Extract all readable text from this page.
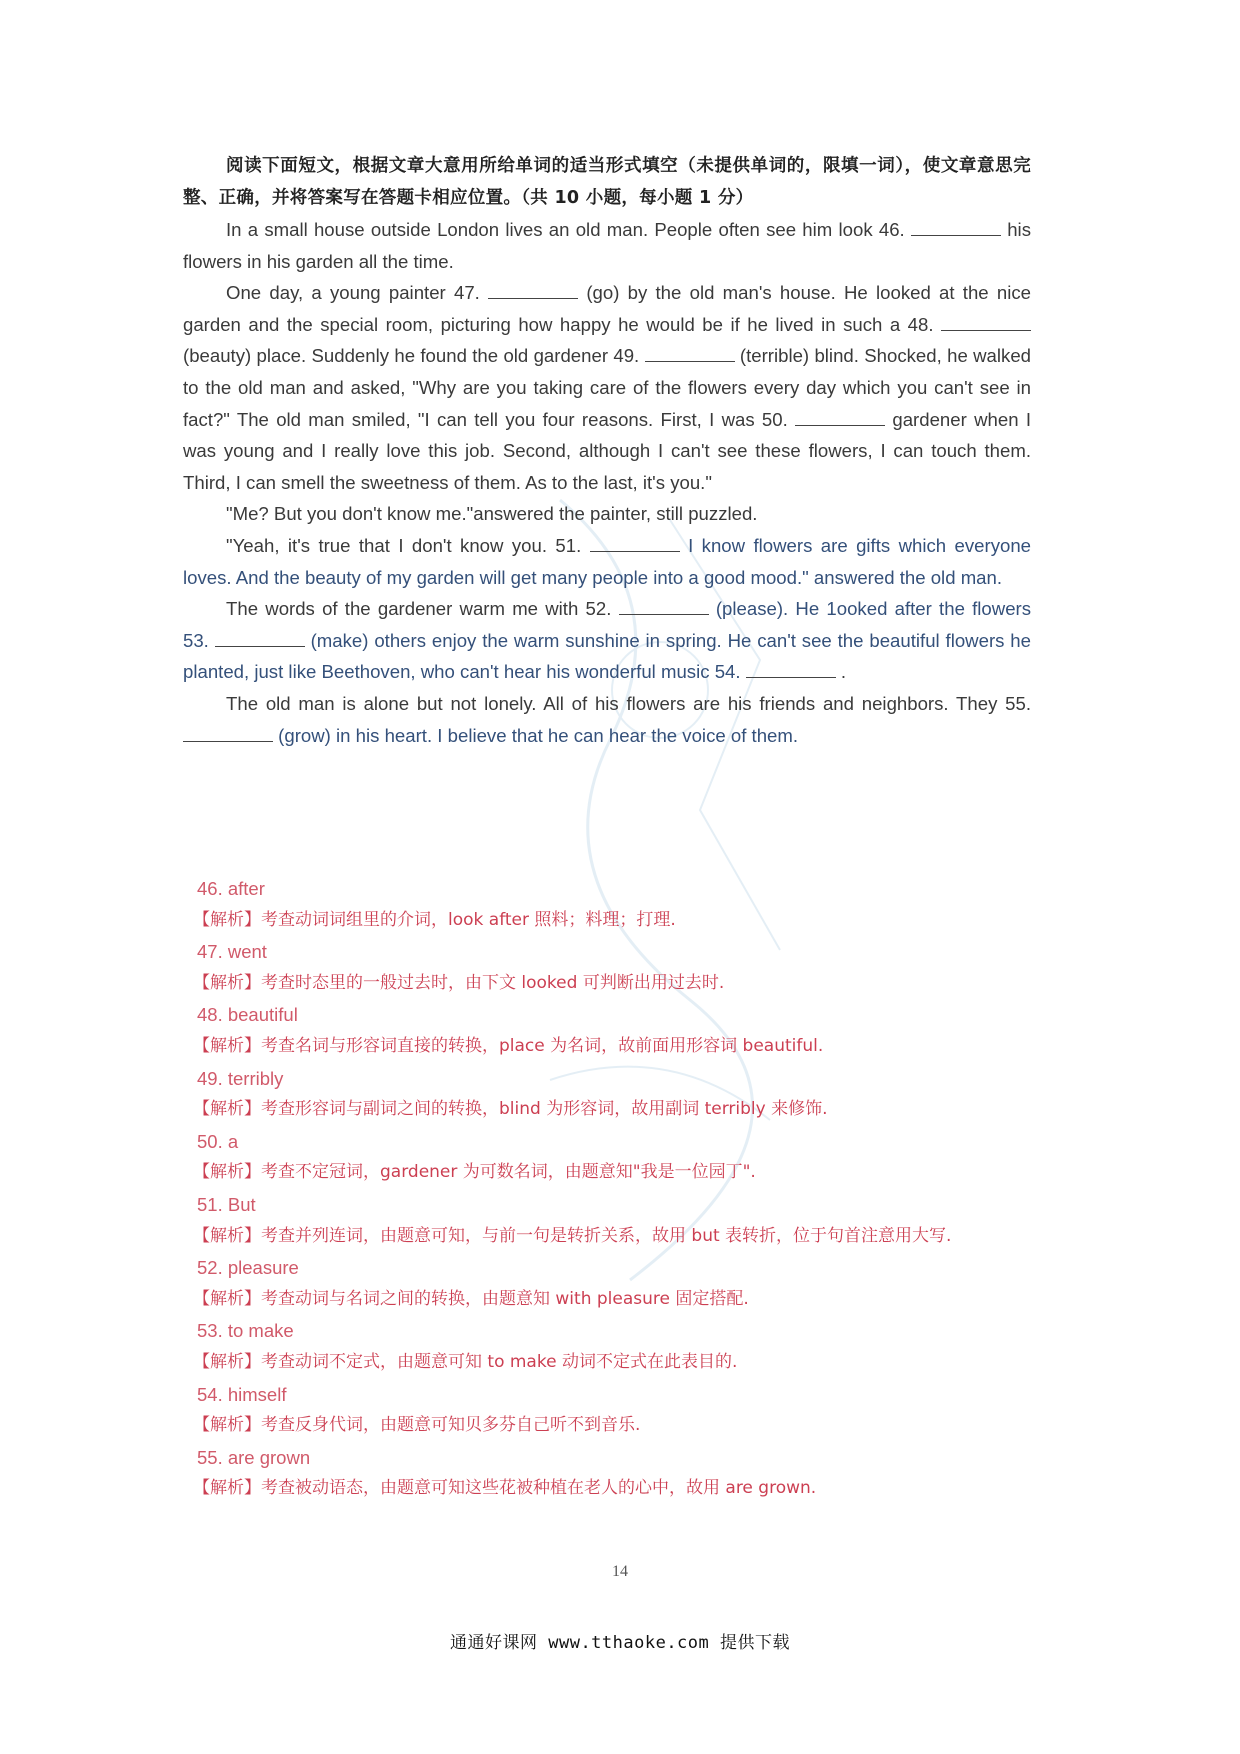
阅读下面短文，根据文章大意用所给单词的适当形式填空（未提供单词的，限填一词），使文章意思完整、正确，并将答案写在答题卡相应位置。（共 10 小题，每小题 1 分）

In a small house outside London lives an old man. People often see him look 46.	his flowers in his garden all the time.

One day, a young painter 47.	(go) by the old man's house. He looked at the nice garden and the special room, picturing how happy he would be if he lived in such a 48.  (beauty) place. Suddenly he found the old gardener 49.	(terrible) blind. Shocked, he walked to the old man and asked, "Why are you taking care of the flowers every day which you can't see in fact?" The old man smiled, "I can tell you four reasons. First, I was 50.	gardener when I was young and I really love this job. Second, although I can't see these flowers, I can touch them. Third, I can smell the sweetness of them. As to the last, it's you."

"Me? But you don't know me."answered the painter, still puzzled.

"Yeah, it's true that I don't know you. 51.	I know flowers are gifts which everyone loves. And the beauty of my garden will get many people into a good mood." answered the old man.

The words of the gardener warm me with 52.	(please). He 1ooked after the flowers 53.	(make) others enjoy the warm sunshine in spring. He can't see the beautiful flowers he planted, just like Beethoven, who can't hear his wonderful music 54.	.

The old man is alone but not lonely. All of his flowers are his friends and neighbors. They 55.  (grow) in his heart. I believe that he can hear the voice of them.

46. after

【解析】考查动词词组里的介词，look after 照料；料理；打理.

47. went

【解析】考查时态里的一般过去时，由下文 looked 可判断出用过去时.

48. beautiful

【解析】考查名词与形容词直接的转换，place 为名词，故前面用形容词 beautiful.

49. terribly

【解析】考查形容词与副词之间的转换，blind 为形容词，故用副词 terribly 来修饰.

50. a

【解析】考查不定冠词，gardener 为可数名词，由题意知"我是一位园丁".

51. But

【解析】考查并列连词，由题意可知，与前一句是转折关系，故用 but 表转折，位于句首注意用大写.

52. pleasure

【解析】考查动词与名词之间的转换，由题意知 with pleasure 固定搭配.

53. to make

【解析】考查动词不定式，由题意可知 to make 动词不定式在此表目的.

54. himself

【解析】考查反身代词，由题意可知贝多芬自己听不到音乐.

55. are grown

【解析】考查被动语态，由题意可知这些花被种植在老人的心中，故用 are grown.

14
通通好课网 www.tthaoke.com 提供下载
